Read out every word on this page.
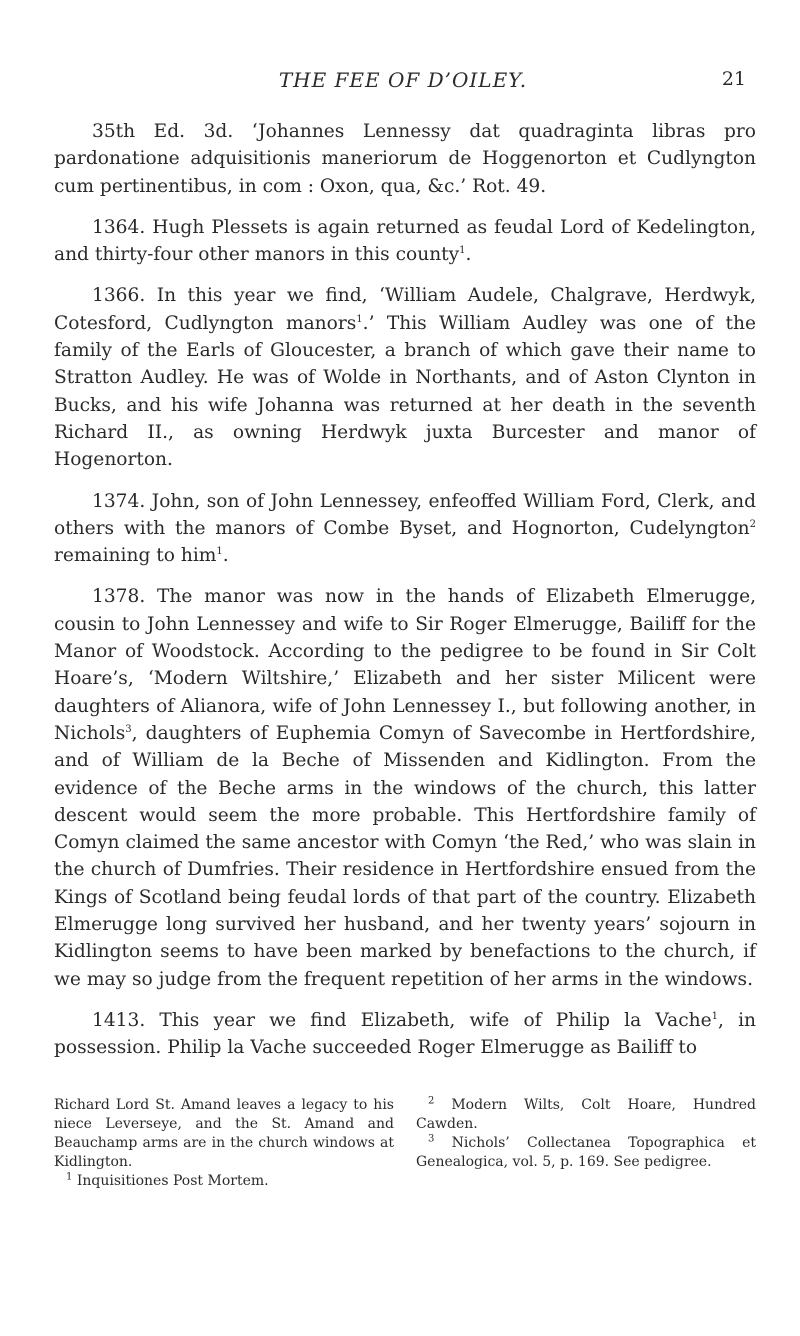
THE FEE OF D’OILEY.	21

35th Ed. 3d. ‘Johannes Lennessy dat quadraginta libras pro pardonatione adquisitionis maneriorum de Hoggenorton et Cudlyngton cum pertinentibus, in com : Oxon, qua, &c.’ Rot. 49.

1364. Hugh Plessets is again returned as feudal Lord of Kedelington, and thirty-four other manors in this county$^1$.

1366. In this year we find, ‘William Audele, Chalgrave, Herdwyk, Cotesford, Cudlyngton manors$^1$.’ This William Audley was one of the family of the Earls of Gloucester, a branch of which gave their name to Stratton Audley. He was of Wolde in Northants, and of Aston Clynton in Bucks, and his wife Johanna was returned at her death in the seventh Richard II., as owning Herdwyk juxta Burcester and manor of Hogenorton.

1374. John, son of John Lennessey, enfeoffed William Ford, Clerk, and others with the manors of Combe Byset, and Hognorton, Cudelyngton$^2$ remaining to him$^1$.

1378. The manor was now in the hands of Elizabeth Elmerugge, cousin to John Lennessey and wife to Sir Roger Elmerugge, Bailiff for the Manor of Woodstock. According to the pedigree to be found in Sir Colt Hoare’s, ‘Modern Wiltshire,’ Elizabeth and her sister Milicent were daughters of Alianora, wife of John Lennessey I., but following another, in Nichols$^3$, daughters of Euphemia Comyn of Savecombe in Hertfordshire, and of William de la Beche of Missenden and Kidlington. From the evidence of the Beche arms in the windows of the church, this latter descent would seem the more probable. This Hertfordshire family of Comyn claimed the same ancestor with Comyn ‘the Red,’ who was slain in the church of Dumfries. Their residence in Hertfordshire ensued from the Kings of Scotland being feudal lords of that part of the country. Elizabeth Elmerugge long survived her husband, and her twenty years’ sojourn in Kidlington seems to have been marked by benefactions to the church, if we may so judge from the frequent repetition of her arms in the windows.

1413. This year we find Elizabeth, wife of Philip la Vache$^1$, in possession. Philip la Vache succeeded Roger Elmerugge as Bailiff to

Richard Lord St. Amand leaves a legacy to his niece Leverseye, and the St. Amand and Beauchamp arms are in the church windows at Kidlington.

$^1$ Inquisitiones Post Mortem.

$^2$ Modern Wilts, Colt Hoare, Hundred Cawden.

$^3$ Nichols’ Collectanea Topographica et Genealogica, vol. 5, p. 169. See pedigree.
